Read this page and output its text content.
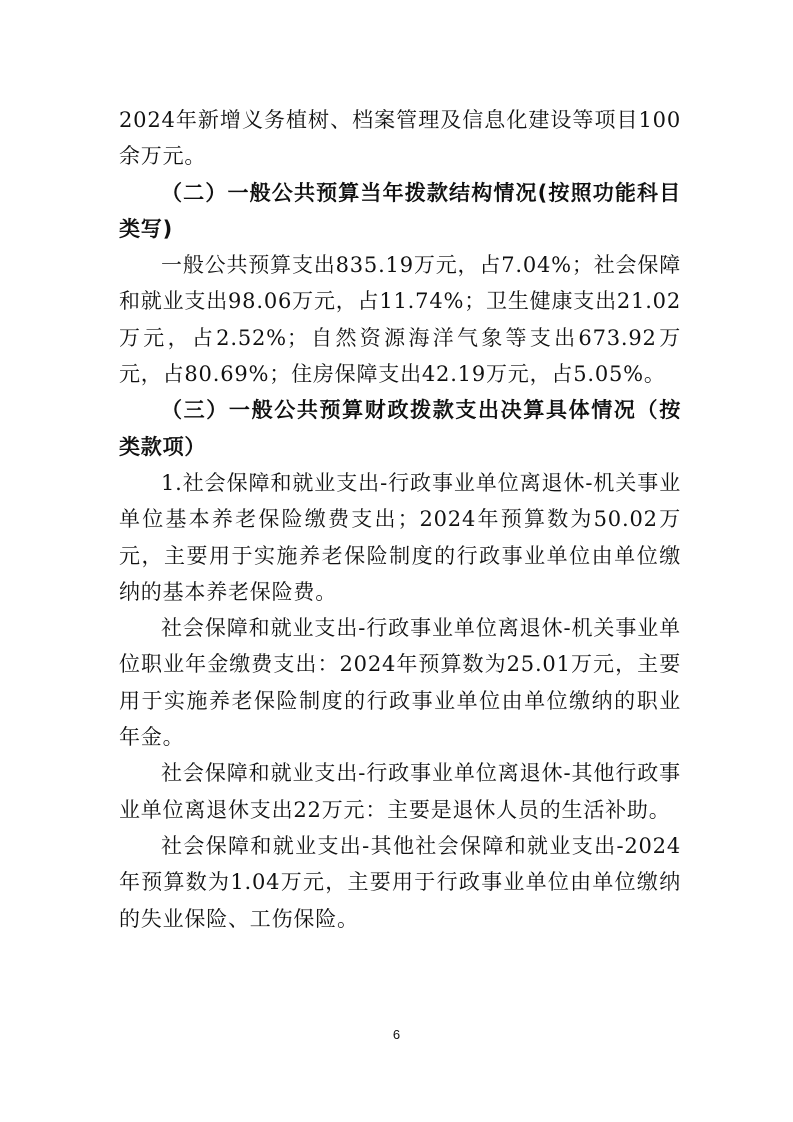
2024年新增义务植树、档案管理及信息化建设等项目100余万元。

（二）一般公共预算当年拨款结构情况(按照功能科目类写)

一般公共预算支出835.19万元，占7.04%；社会保障和就业支出98.06万元，占11.74%；卫生健康支出21.02万元，占2.52%；自然资源海洋气象等支出673.92万元，占80.69%；住房保障支出42.19万元，占5.05%。

（三）一般公共预算财政拨款支出决算具体情况（按类款项）

1.社会保障和就业支出-行政事业单位离退休-机关事业单位基本养老保险缴费支出；2024年预算数为50.02万元，主要用于实施养老保险制度的行政事业单位由单位缴纳的基本养老保险费。

社会保障和就业支出-行政事业单位离退休-机关事业单位职业年金缴费支出：2024年预算数为25.01万元，主要用于实施养老保险制度的行政事业单位由单位缴纳的职业年金。

社会保障和就业支出-行政事业单位离退休-其他行政事业单位离退休支出22万元：主要是退休人员的生活补助。

社会保障和就业支出-其他社会保障和就业支出-2024年预算数为1.04万元，主要用于行政事业单位由单位缴纳的失业保险、工伤保险。

6
